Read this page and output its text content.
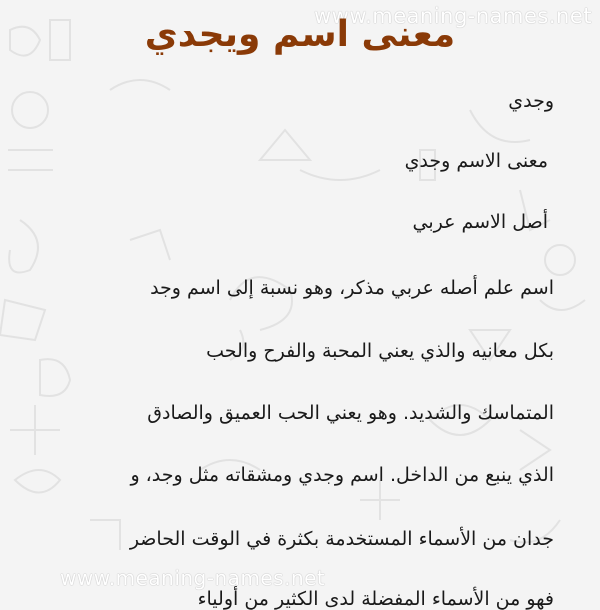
www.meaning-names.net
معنى اسم ويجدي

وجدي

معنى الاسم وجدي

أصل الاسم عربي

اسم علم أصله عربي مذكر، وهو نسبة إلى اسم وجد

بكل معانيه والذي يعني المحبة والفرح والحب

المتماسك والشديد. وهو يعني الحب العميق والصادق

الذي ينبع من الداخل. اسم وجدي ومشقاته مثل وجد، و

جدان من الأسماء المستخدمة بكثرة في الوقت الحاضر

فهو من الأسماء المفضلة لدى الكثير من أولياء

www.meaning-names.net
